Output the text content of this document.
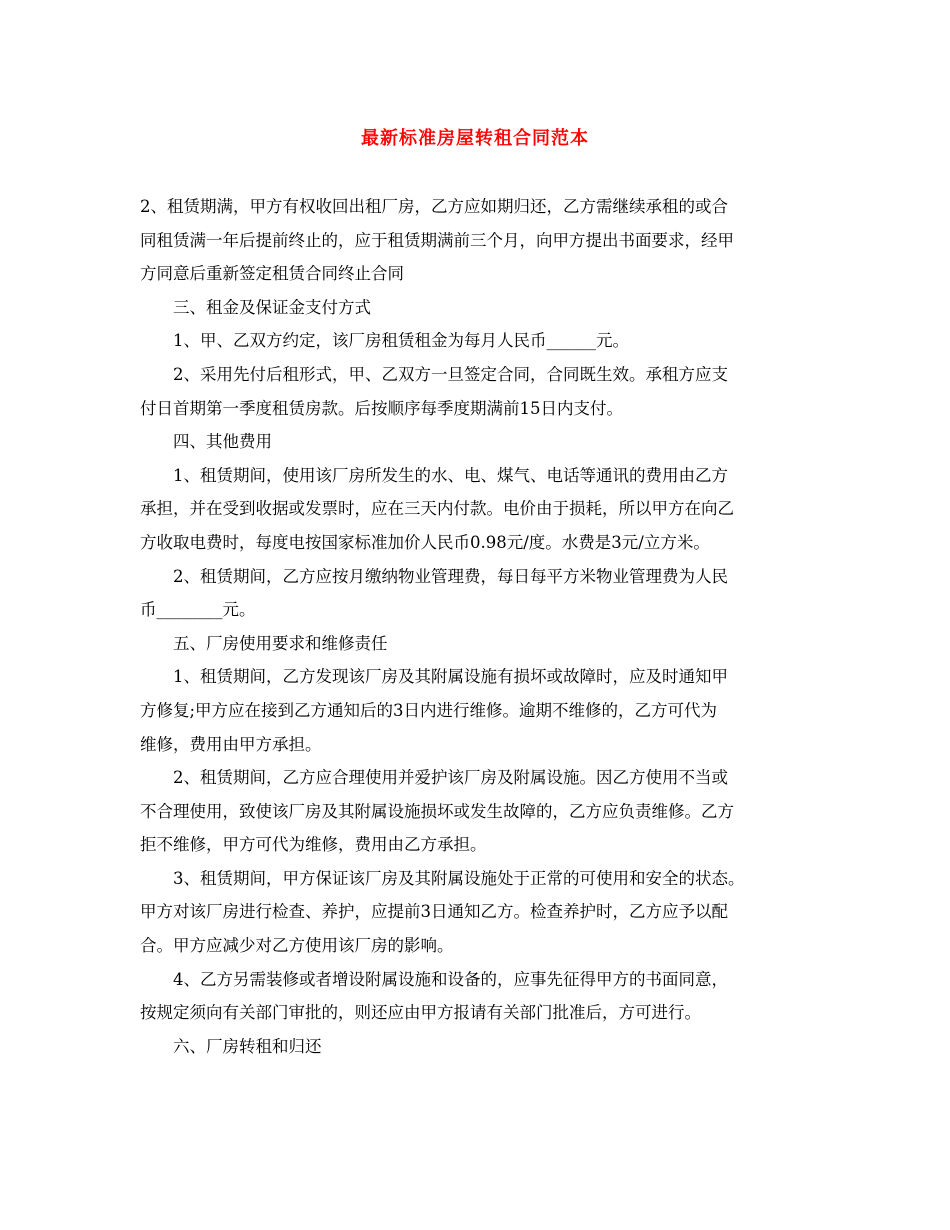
最新标准房屋转租合同范本

2、租赁期满，甲方有权收回出租厂房，乙方应如期归还，乙方需继续承租的或合
同租赁满一年后提前终止的，应于租赁期满前三个月，向甲方提出书面要求，经甲
方同意后重新签定租赁合同终止合同

三、租金及保证金支付方式

1、甲、乙双方约定，该厂房租赁租金为每月人民币______元。

2、采用先付后租形式，甲、乙双方一旦签定合同，合同既生效。承租方应支
付日首期第一季度租赁房款。后按顺序每季度期满前15日内支付。

四、其他费用

1、租赁期间，使用该厂房所发生的水、电、煤气、电话等通讯的费用由乙方
承担，并在受到收据或发票时，应在三天内付款。电价由于损耗，所以甲方在向乙
方收取电费时，每度电按国家标准加价人民币0.98元/度。水费是3元/立方米。

2、租赁期间，乙方应按月缴纳物业管理费，每日每平方米物业管理费为人民
币________元。

五、厂房使用要求和维修责任

1、租赁期间，乙方发现该厂房及其附属设施有损坏或故障时，应及时通知甲
方修复;甲方应在接到乙方通知后的3日内进行维修。逾期不维修的，乙方可代为
维修，费用由甲方承担。

2、租赁期间，乙方应合理使用并爱护该厂房及附属设施。因乙方使用不当或
不合理使用，致使该厂房及其附属设施损坏或发生故障的，乙方应负责维修。乙方
拒不维修，甲方可代为维修，费用由乙方承担。

3、租赁期间，甲方保证该厂房及其附属设施处于正常的可使用和安全的状态。
甲方对该厂房进行检查、养护，应提前3日通知乙方。检查养护时，乙方应予以配
合。甲方应减少对乙方使用该厂房的影响。

4、乙方另需装修或者增设附属设施和设备的，应事先征得甲方的书面同意，
按规定须向有关部门审批的，则还应由甲方报请有关部门批准后，方可进行。

六、厂房转租和归还
